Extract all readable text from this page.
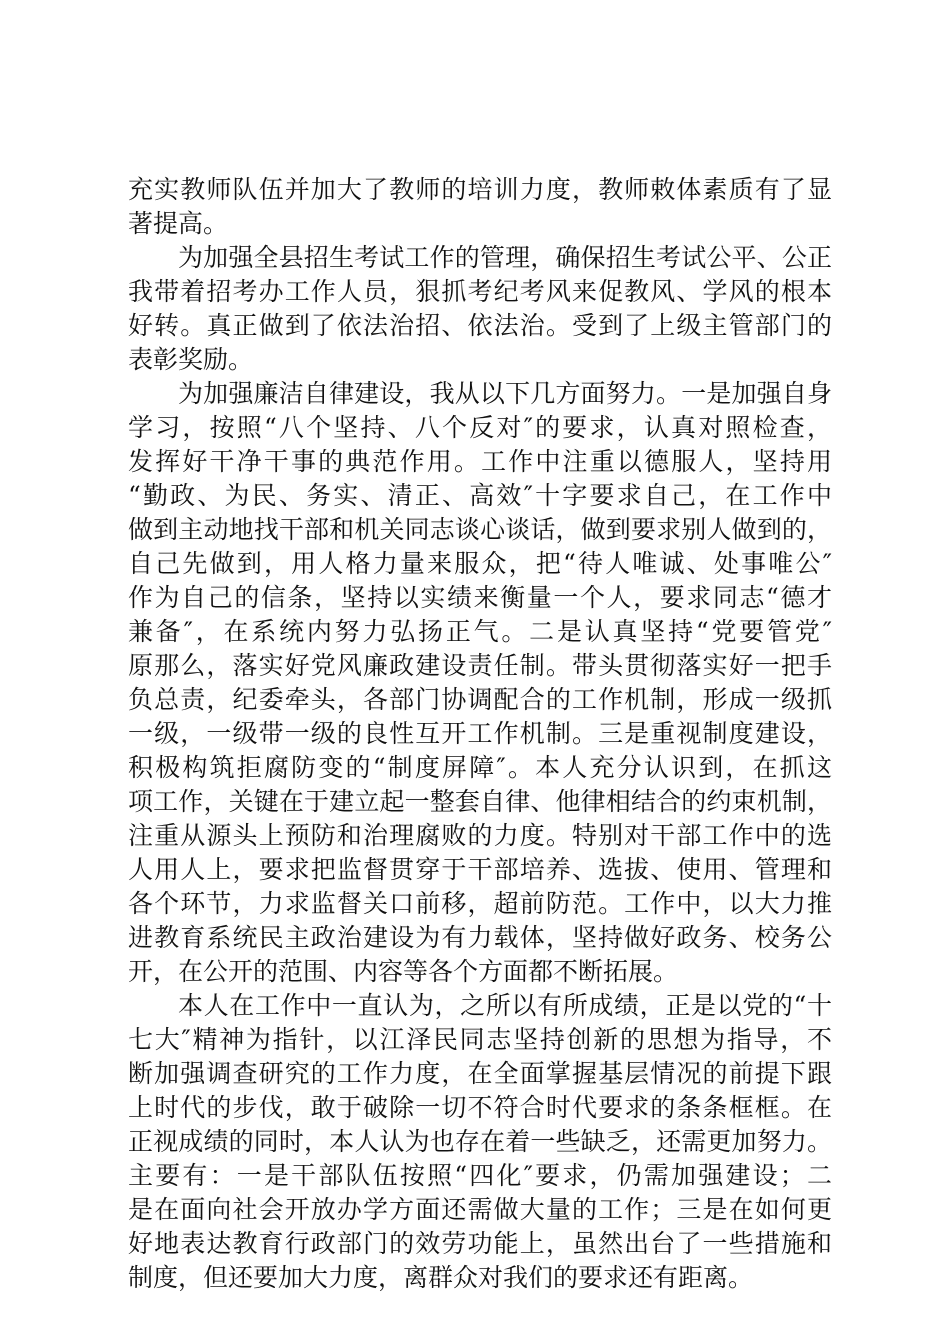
充实教师队伍并加大了教师的培训力度，教师敕体素质有了显
著提高。
为加强全县招生考试工作的管理，确保招生考试公平、公正
我带着招考办工作人员，狠抓考纪考风来促教风、学风的根本
好转。真正做到了依法治招、依法治。受到了上级主管部门的
表彰奖励。
为加强廉洁自律建设，我从以下几方面努力。一是加强自身
学习，按照“八个坚持、八个反对″的要求，认真对照检查，
发挥好干净干事的典范作用。工作中注重以德服人，坚持用
“勤政、为民、务实、清正、高效″十字要求自己，在工作中
做到主动地找干部和机关同志谈心谈话，做到要求别人做到的，
自己先做到，用人格力量来服众，把“待人唯诚、处事唯公″
作为自己的信条，坚持以实绩来衡量一个人，要求同志“德才
兼备″，在系统内努力弘扬正气。二是认真坚持“党要管党″
原那么，落实好党风廉政建设责任制。带头贯彻落实好一把手
负总责，纪委牵头，各部门协调配合的工作机制，形成一级抓
一级，一级带一级的良性互开工作机制。三是重视制度建设，
积极构筑拒腐防变的“制度屏障″。本人充分认识到，在抓这
项工作，关键在于建立起一整套自律、他律相结合的约束机制，
注重从源头上预防和治理腐败的力度。特别对干部工作中的选
人用人上，要求把监督贯穿于干部培养、选拔、使用、管理和
各个环节，力求监督关口前移，超前防范。工作中，以大力推
进教育系统民主政治建设为有力载体，坚持做好政务、校务公
开，在公开的范围、内容等各个方面都不断拓展。
本人在工作中一直认为，之所以有所成绩，正是以党的“十
七大″精神为指针，以江泽民同志坚持创新的思想为指导，不
断加强调查研究的工作力度，在全面掌握基层情况的前提下跟
上时代的步伐，敢于破除一切不符合时代要求的条条框框。在
正视成绩的同时，本人认为也存在着一些缺乏，还需更加努力。
主要有：一是干部队伍按照“四化″要求，仍需加强建设；二
是在面向社会开放办学方面还需做大量的工作；三是在如何更
好地表达教育行政部门的效劳功能上，虽然出台了一些措施和
制度，但还要加大力度，离群众对我们的要求还有距离。
